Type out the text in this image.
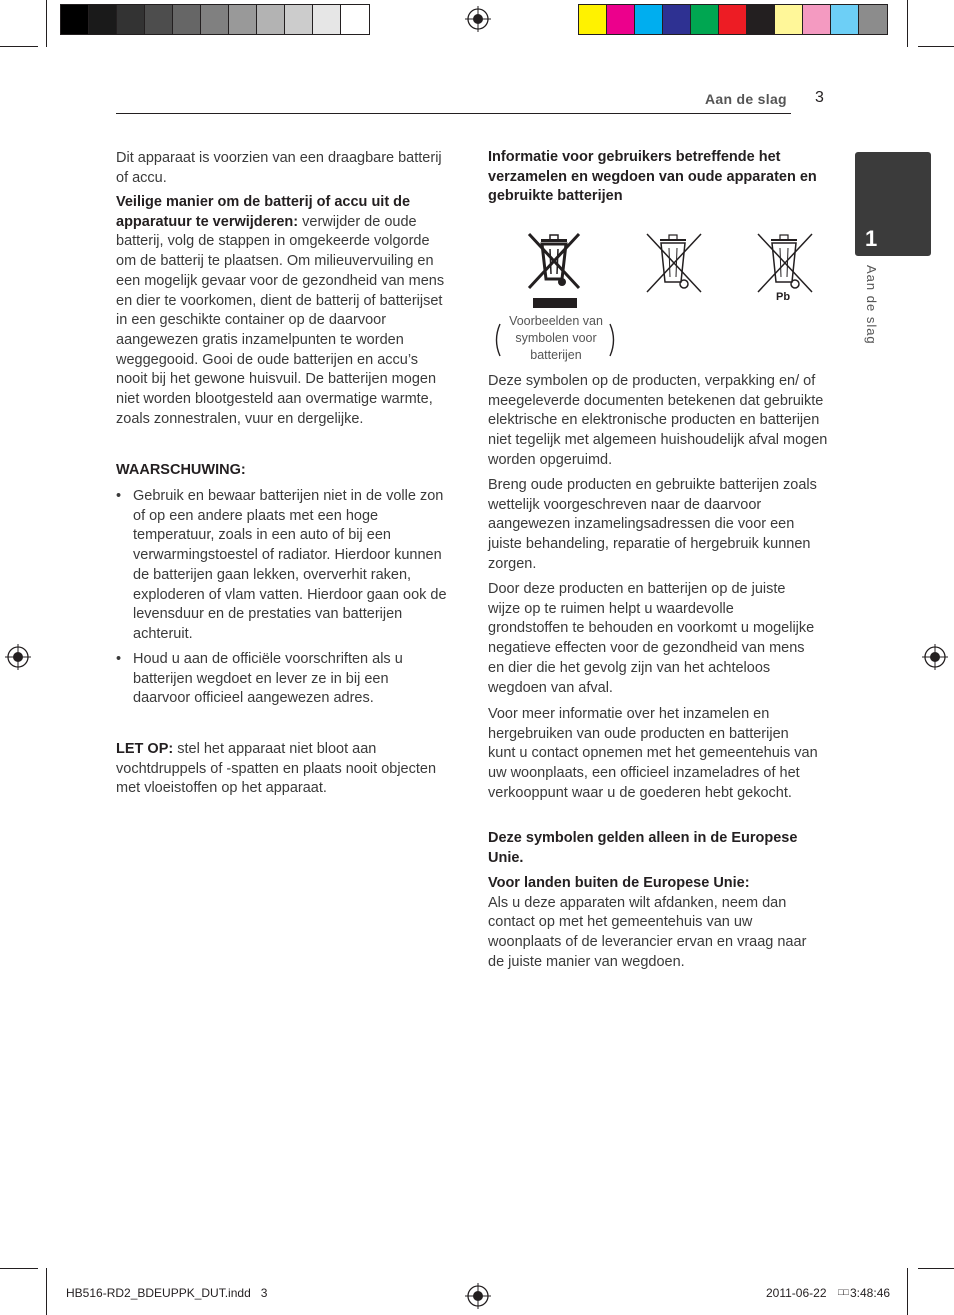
Aan de slag 3
1
Aan de slag

Dit apparaat is voorzien van een draagbare batterij of accu.

Veilige manier om de batterij of accu uit de apparatuur te verwijderen: verwijder de oude batterij, volg de stappen in omgekeerde volgorde om de batterij te plaatsen. Om milieuvervuiling en een mogelijk gevaar voor de gezondheid van mens en dier te voorkomen, dient de batterij of batterijset in een geschikte container op de daarvoor aangewezen gratis inzamelpunten te worden weggegooid. Gooi de oude batterijen en accu’s nooit bij het gewone huisvuil. De batterijen mogen niet worden blootgesteld aan overmatige warmte, zoals zonnestralen, vuur en dergelijke.

WAARSCHUWING:

• Gebruik en bewaar batterijen niet in de volle zon of op een andere plaats met een hoge temperatuur, zoals in een auto of bij een verwarmingstoestel of radiator. Hierdoor kunnen de batterijen gaan lekken, oververhit raken, exploderen of vlam vatten. Hierdoor gaan ook de levensduur en de prestaties van batterijen achteruit.

• Houd u aan de officiële voorschriften als u batterijen wegdoet en lever ze in bij een daarvoor officieel aangewezen adres.

LET OP: stel het apparaat niet bloot aan vochtdruppels of -spatten en plaats nooit objecten met vloeistoffen op het apparaat.

Informatie voor gebruikers betreffende het verzamelen en wegdoen van oude apparaten en gebruikte batterijen

Pb
Voorbeelden van symbolen voor batterijen

Deze symbolen op de producten, verpakking en/ of meegeleverde documenten betekenen dat gebruikte elektrische en elektronische producten en batterijen niet tegelijk met algemeen huishoudelijk afval mogen worden opgeruimd.

Breng oude producten en gebruikte batterijen zoals wettelijk voorgeschreven naar de daarvoor aangewezen inzamelingsadressen die voor een juiste behandeling, reparatie of hergebruik kunnen zorgen.

Door deze producten en batterijen op de juiste wijze op te ruimen helpt u waardevolle grondstoffen te behouden en voorkomt u mogelijke negatieve effecten voor de gezondheid van mens en dier die het gevolg zijn van het achteloos wegdoen van afval.

Voor meer informatie over het inzamelen en hergebruiken van oude producten en batterijen kunt u contact opnemen met het gemeentehuis van uw woonplaats, een officieel inzameladres of het verkooppunt waar u de goederen hebt gekocht.

Deze symbolen gelden alleen in de Europese Unie.

Voor landen buiten de Europese Unie:
Als u deze apparaten wilt afdanken, neem dan contact op met het gemeentehuis van uw woonplaats of de leverancier ervan en vraag naar de juiste manier van wegdoen.

HB516-RD2_BDEUPPK_DUT.indd   3	2011-06-22 □□ 3:48:46
